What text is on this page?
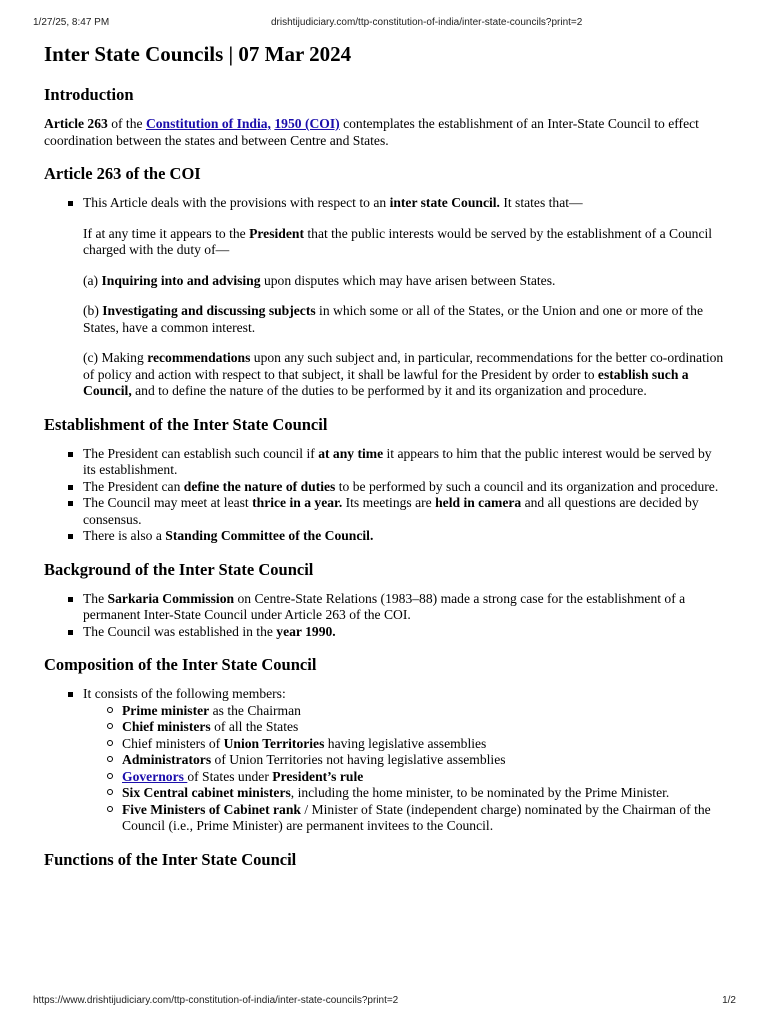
1/27/25, 8:47 PM	drishtijudiciary.com/ttp-constitution-of-india/inter-state-councils?print=2
Inter State Councils | 07 Mar 2024
Introduction

Article 263 of the Constitution of India, 1950 (COI) contemplates the establishment of an Inter-State Council to effect coordination between the states and between Centre and States.

Article 263 of the COI
This Article deals with the provisions with respect to an inter state Council. It states that—

If at any time it appears to the President that the public interests would be served by the establishment of a Council charged with the duty of—

(a) Inquiring into and advising upon disputes which may have arisen between States.

(b) Investigating and discussing subjects in which some or all of the States, or the Union and one or more of the States, have a common interest.

(c) Making recommendations upon any such subject and, in particular, recommendations for the better co-ordination of policy and action with respect to that subject, it shall be lawful for the President by order to establish such a Council, and to define the nature of the duties to be performed by it and its organization and procedure.

Establishment of the Inter State Council
The President can establish such council if at any time it appears to him that the public interest would be served by its establishment.
The President can define the nature of duties to be performed by such a council and its organization and procedure.
The Council may meet at least thrice in a year. Its meetings are held in camera and all questions are decided by consensus.
There is also a Standing Committee of the Council.
Background of the Inter State Council
The Sarkaria Commission on Centre-State Relations (1983–88) made a strong case for the establishment of a permanent Inter-State Council under Article 263 of the COI.
The Council was established in the year 1990.
Composition of the Inter State Council
It consists of the following members:
Prime minister as the Chairman
Chief ministers of all the States
Chief ministers of Union Territories having legislative assemblies
Administrators of Union Territories not having legislative assemblies
Governors of States under President’s rule
Six Central cabinet ministers, including the home minister, to be nominated by the Prime Minister.
Five Ministers of Cabinet rank / Minister of State (independent charge) nominated by the Chairman of the Council (i.e., Prime Minister) are permanent invitees to the Council.
Functions of the Inter State Council
https://www.drishtijudiciary.com/ttp-constitution-of-india/inter-state-councils?print=2	1/2
